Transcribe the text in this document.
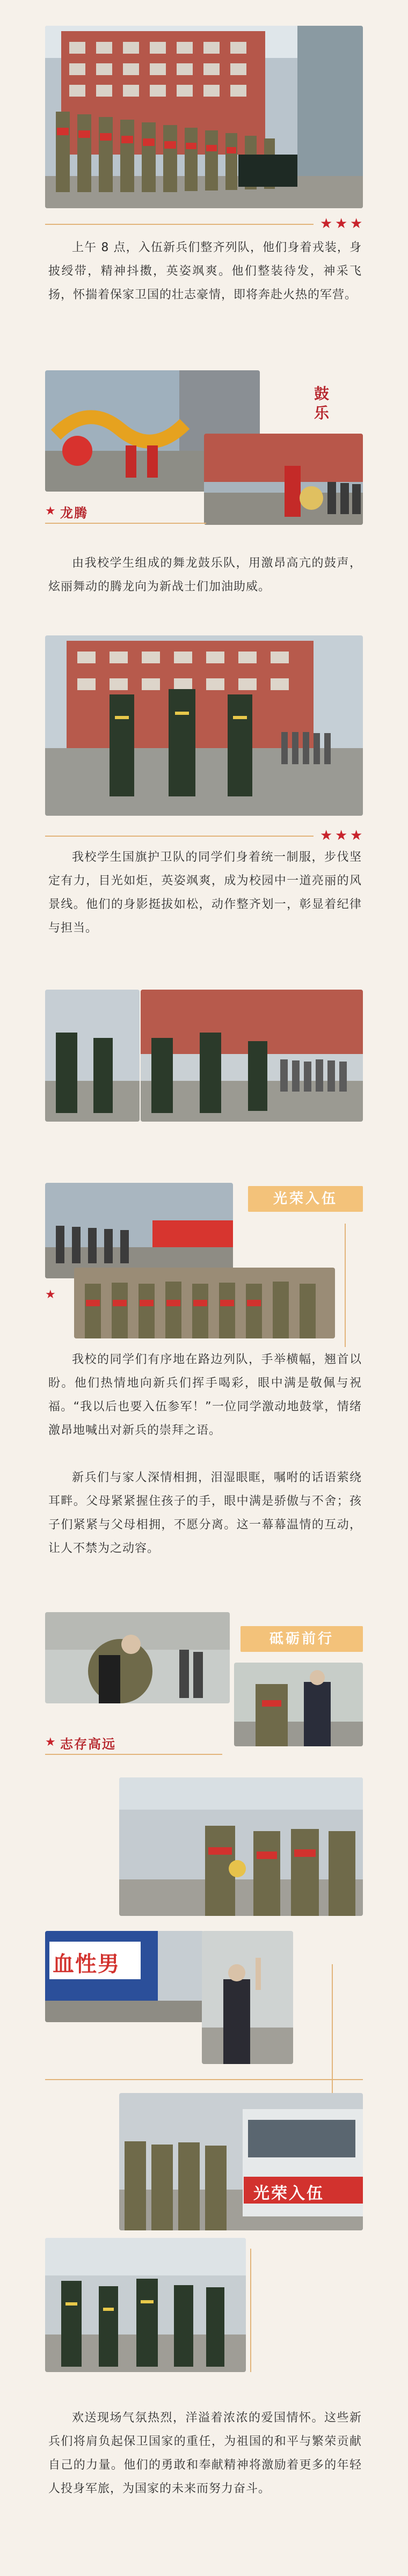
★ ★ ★
上午 8 点，入伍新兵们整齐列队，他们身着戎装，身披绶带，精神抖擞，英姿飒爽。他们整装待发，神采飞扬，怀揣着保家卫国的壮志豪情，即将奔赴火热的军营。
鼓乐
★ 龙腾
由我校学生组成的舞龙鼓乐队，用激昂高亢的鼓声，炫丽舞动的腾龙向为新战士们加油助威。
★ ★ ★
我校学生国旗护卫队的同学们身着统一制服，步伐坚定有力，目光如炬，英姿飒爽，成为校园中一道亮丽的风景线。他们的身影挺拔如松，动作整齐划一，彰显着纪律与担当。
光荣入伍
★
我校的同学们有序地在路边列队，手举横幅，翘首以盼。他们热情地向新兵们挥手喝彩，眼中满是敬佩与祝福。“我以后也要入伍参军！”一位同学激动地鼓掌，情绪激昂地喊出对新兵的崇拜之语。
新兵们与家人深情相拥，泪湿眼眶，嘱咐的话语萦绕耳畔。父母紧紧握住孩子的手，眼中满是骄傲与不舍；孩子们紧紧与父母相拥，不愿分离。这一幕幕温情的互动，让人不禁为之动容。
砥砺前行
★ 志存高远
血性男
光荣入伍
欢送现场气氛热烈，洋溢着浓浓的爱国情怀。这些新兵们将肩负起保卫国家的重任，为祖国的和平与繁荣贡献自己的力量。他们的勇敢和奉献精神将激励着更多的年轻人投身军旅，为国家的未来而努力奋斗。
